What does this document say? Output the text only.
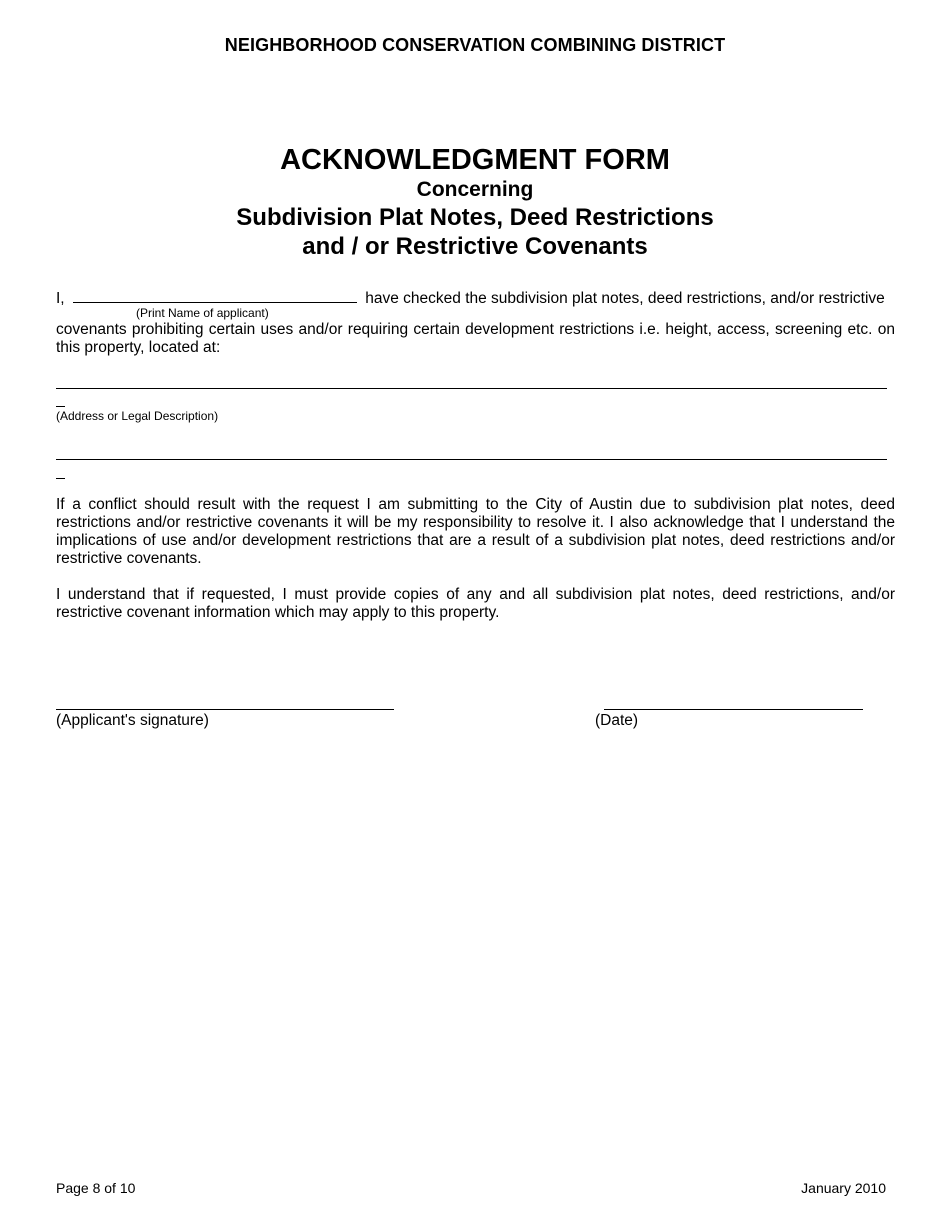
NEIGHBORHOOD CONSERVATION COMBINING DISTRICT

ACKNOWLEDGMENT FORM

Concerning

Subdivision Plat Notes, Deed Restrictions
and / or Restrictive Covenants
I,	have checked the subdivision plat notes, deed restrictions, and/or restrictive

(Print Name of applicant)

covenants prohibiting certain uses and/or requiring certain development restrictions i.e. height, access, screening etc. on this property, located at:

(Address or Legal Description)

If a conflict should result with the request I am submitting to the City of Austin due to subdivision plat notes, deed restrictions and/or restrictive covenants it will be my responsibility to resolve it. I also acknowledge that I understand the implications of use and/or development restrictions that are a result of a subdivision plat notes, deed restrictions and/or restrictive covenants.

I understand that if requested, I must provide copies of any and all subdivision plat notes, deed restrictions, and/or restrictive covenant information which may apply to this property.

(Applicant's signature)	(Date)

Page 8 of 10	January 2010
